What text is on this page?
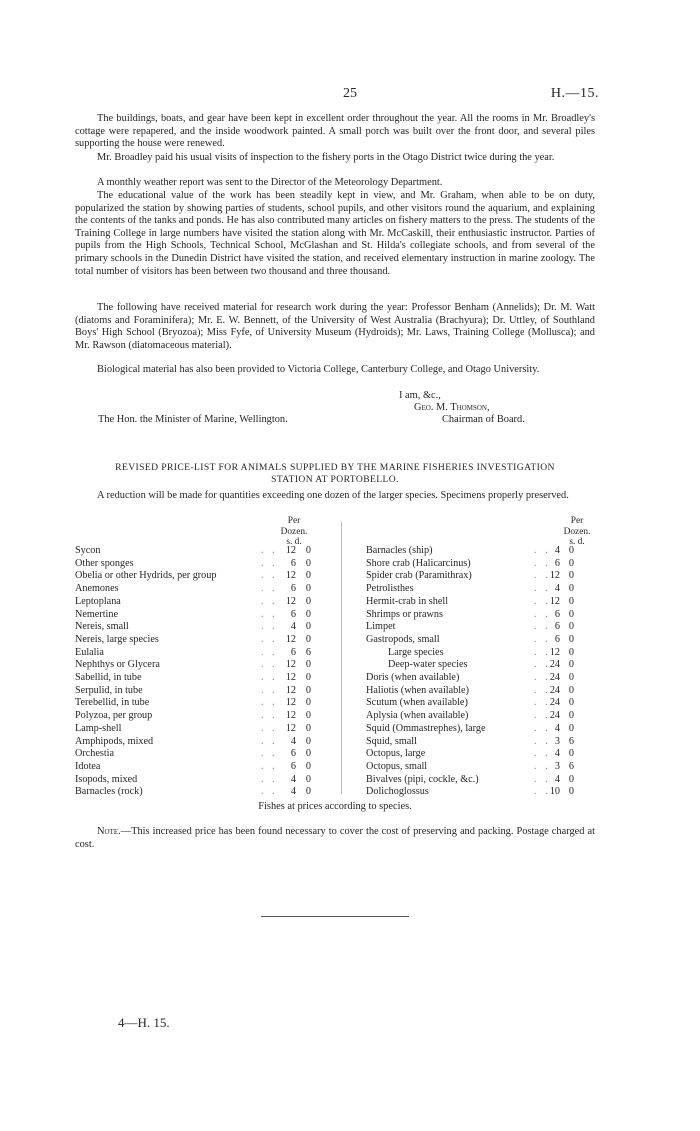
25	H.—15.
The buildings, boats, and gear have been kept in excellent order throughout the year. All the rooms in Mr. Broadley's cottage were repapered, and the inside woodwork painted. A small porch was built over the front door, and several piles supporting the house were renewed.
Mr. Broadley paid his usual visits of inspection to the fishery ports in the Otago District twice during the year.
A monthly weather report was sent to the Director of the Meteorology Department.
The educational value of the work has been steadily kept in view, and Mr. Graham, when able to be on duty, popularized the station by showing parties of students, school pupils, and other visitors round the aquarium, and explaining the contents of the tanks and ponds. He has also contributed many articles on fishery matters to the press. The students of the Training College in large numbers have visited the station along with Mr. McCaskill, their enthusiastic instructor. Parties of pupils from the High Schools, Technical School, McGlashan and St. Hilda's collegiate schools, and from several of the primary schools in the Dunedin District have visited the station, and received elementary instruction in marine zoology. The total number of visitors has been between two thousand and three thousand.
The following have received material for research work during the year: Professor Benham (Annelids); Dr. M. Watt (diatoms and Foraminifera); Mr. E. W. Bennett, of the University of West Australia (Brachyura); Dr. Uttley, of Southland Boys' High School (Bryozoa); Miss Fyfe, of University Museum (Hydroids); Mr. Laws, Training College (Mollusca); and Mr. Rawson (diatomaceous material).
Biological material has also been provided to Victoria College, Canterbury College, and Otago University.
I am, &c.,
Geo. M. Thomson,
Chairman of Board.
The Hon. the Minister of Marine, Wellington.
REVISED PRICE-LIST FOR ANIMALS SUPPLIED BY THE MARINE FISHERIES INVESTIGATION
STATION AT PORTOBELLO.
A reduction will be made for quantities exceeding one dozen of the larger species. Specimens properly preserved.
Per
Dozen.
s. d.
Per
Dozen.
s. d.
Sycon	. . 12 0
Other sponges	. .	6 0
Obelia or other Hydrids, per group	. . 12 0
Anemones	. .	6 0
Leptoplana	. . 12 0
Nemertine	. .	6 0
Nereis, small	. .	4 0
Nereis, large species	. . 12 0
Eulalia	. .	6 6
Nephthys or Glycera	. . 12 0
Sabellid, in tube	. . 12 0
Serpulid, in tube	. . 12 0
Terebellid, in tube	. . 12 0
Polyzoa, per group	. . 12 0
Lamp-shell	. . 12 0
Amphipods, mixed	. .	4 0
Orchestia	. .	6 0
Idotea	. .	6 0
Isopods, mixed	. .	4 0
Barnacles (rock)	. .	4 0
Barnacles (ship)	. . 4 0
Shore crab (Halicarcinus)	. . 6 0
Spider crab (Paramithrax)	. . 12 0
Petrolisthes	. . 4 0
Hermit-crab in shell	. . 12 0
Shrimps or prawns	. . 6 0
Limpet	. . 6 0
Gastropods, small	. . 6 0
Large species	. . 12 0
Deep-water species	. . 24 0
Doris (when available)	. . 24 0
Haliotis (when available)	. . 24 0
Scutum (when available)	. . 24 0
Aplysia (when available)	. . 24 0
Squid (Ommastrephes), large	. . 4 0
Squid, small	. . 3 6
Octopus, large	. . 4 0
Octopus, small	. . 3 6
Bivalves (pipi, cockle, &c.)	. . 4 0
Dolichoglossus	. . 10 0
Fishes at prices according to species.
Note.—This increased price has been found necessary to cover the cost of preserving and packing. Postage charged at cost.
4—H. 15.
